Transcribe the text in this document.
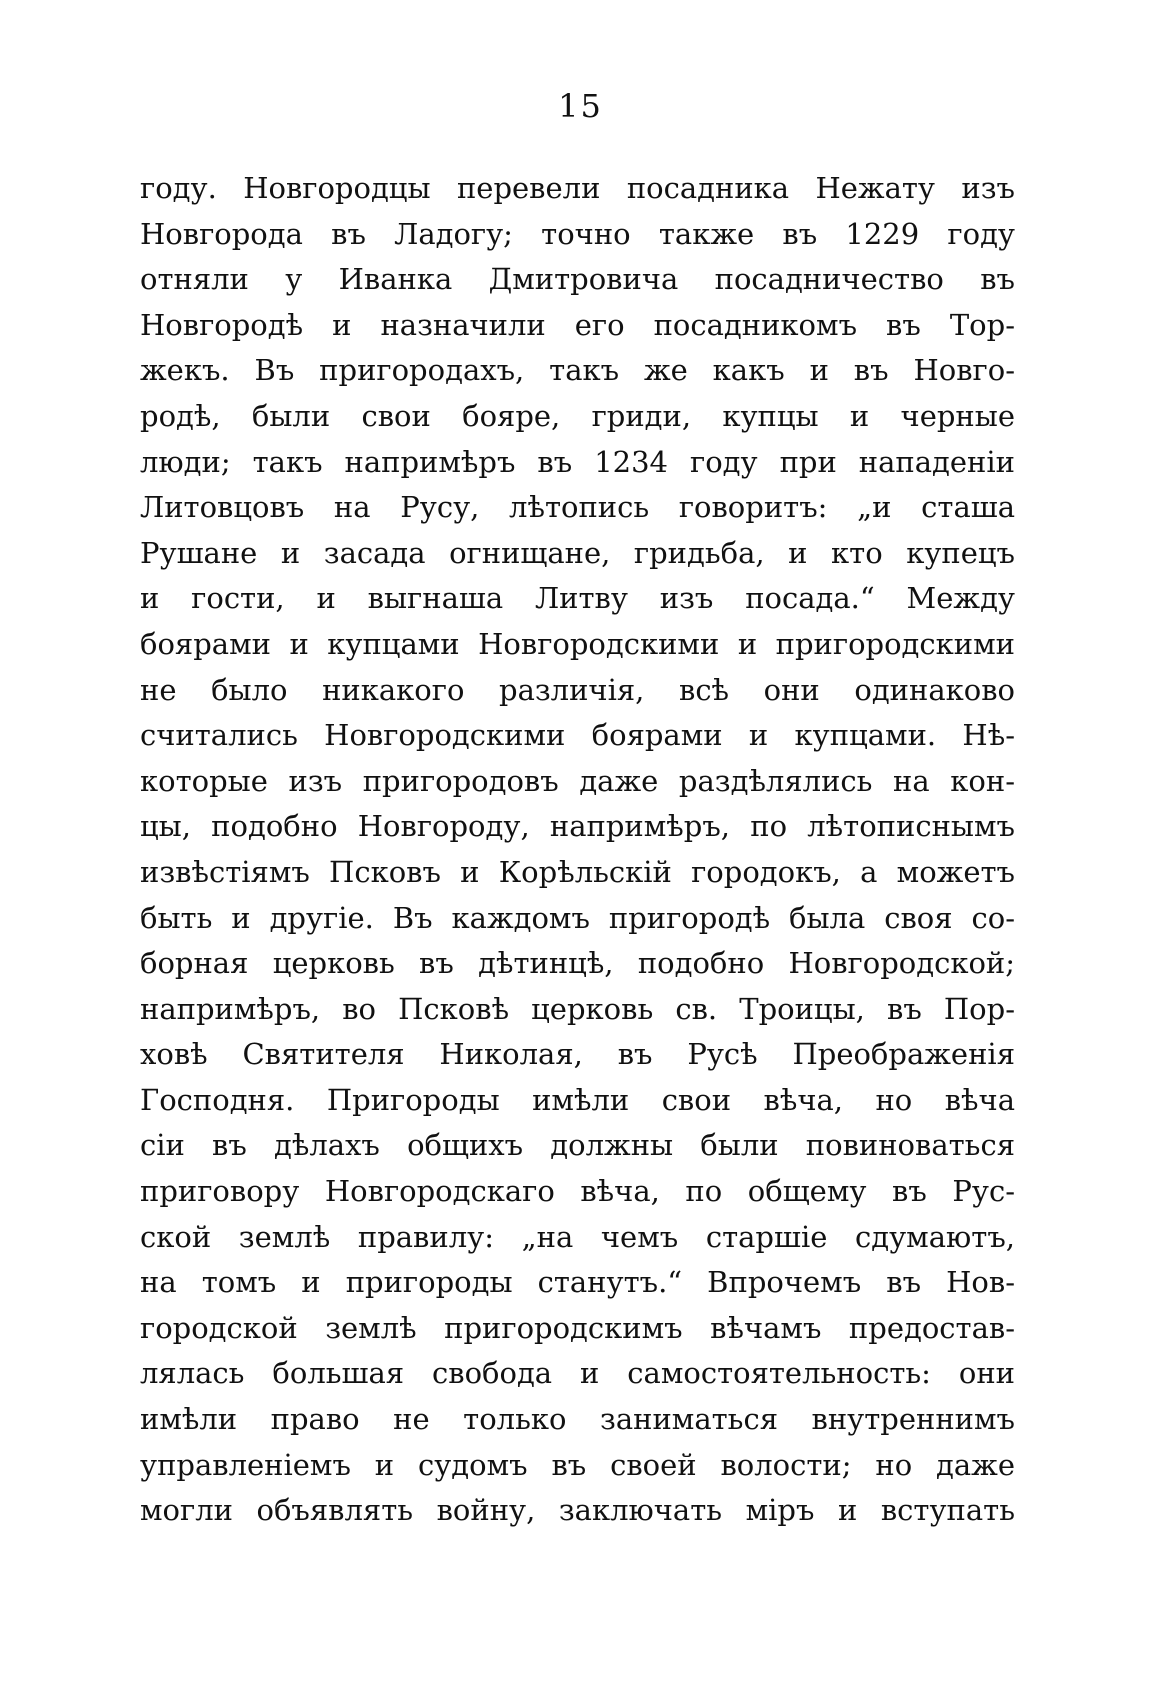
15
году. Новгородцы перевели посадника Нежату изъ
Новгорода въ Ладогу; точно также въ 1229 году
отняли у Иванка Дмитровича посадничество въ
Новгородѣ и назначили его посадникомъ въ Тор-
жекъ. Въ пригородахъ, такъ же какъ и въ Новго-
родѣ, были свои бояре, гриди, купцы и черные
люди; такъ напримѣръ въ 1234 году при нападенiи
Литовцовъ на Русу, лѣтопись говоритъ: „и сташа
Рушане и засада огнищане, гридьба, и кто купецъ
и гости, и выгнаша Литву изъ посада.“ Между
боярами и купцами Новгородскими и пригородскими
не было никакого различiя, всѣ они одинаково
считались Новгородскими боярами и купцами. Нѣ-
которые изъ пригородовъ даже раздѣлялись на кон-
цы, подобно Новгороду, напримѣръ, по лѣтописнымъ
извѣстiямъ Псковъ и Корѣльскiй городокъ, а можетъ
быть и другiе. Въ каждомъ пригородѣ была своя со-
борная церковь въ дѣтинцѣ, подобно Новгородской;
напримѣръ, во Псковѣ церковь св. Троицы, въ Пор-
ховѣ Святителя Николая, въ Русѣ Преображенiя
Господня. Пригороды имѣли свои вѣча, но вѣча
сiи въ дѣлахъ общихъ должны были повиноваться
приговору Новгородскаго вѣча, по общему въ Рус-
ской землѣ правилу: „на чемъ старшiе сдумаютъ,
на томъ и пригороды станутъ.“ Впрочемъ въ Нов-
городской землѣ пригородскимъ вѣчамъ предостав-
лялась большая свобода и самостоятельность: они
имѣли право не только заниматься внутреннимъ
управленiемъ и судомъ въ своей волости; но даже
могли объявлять войну, заключать мiръ и вступать
